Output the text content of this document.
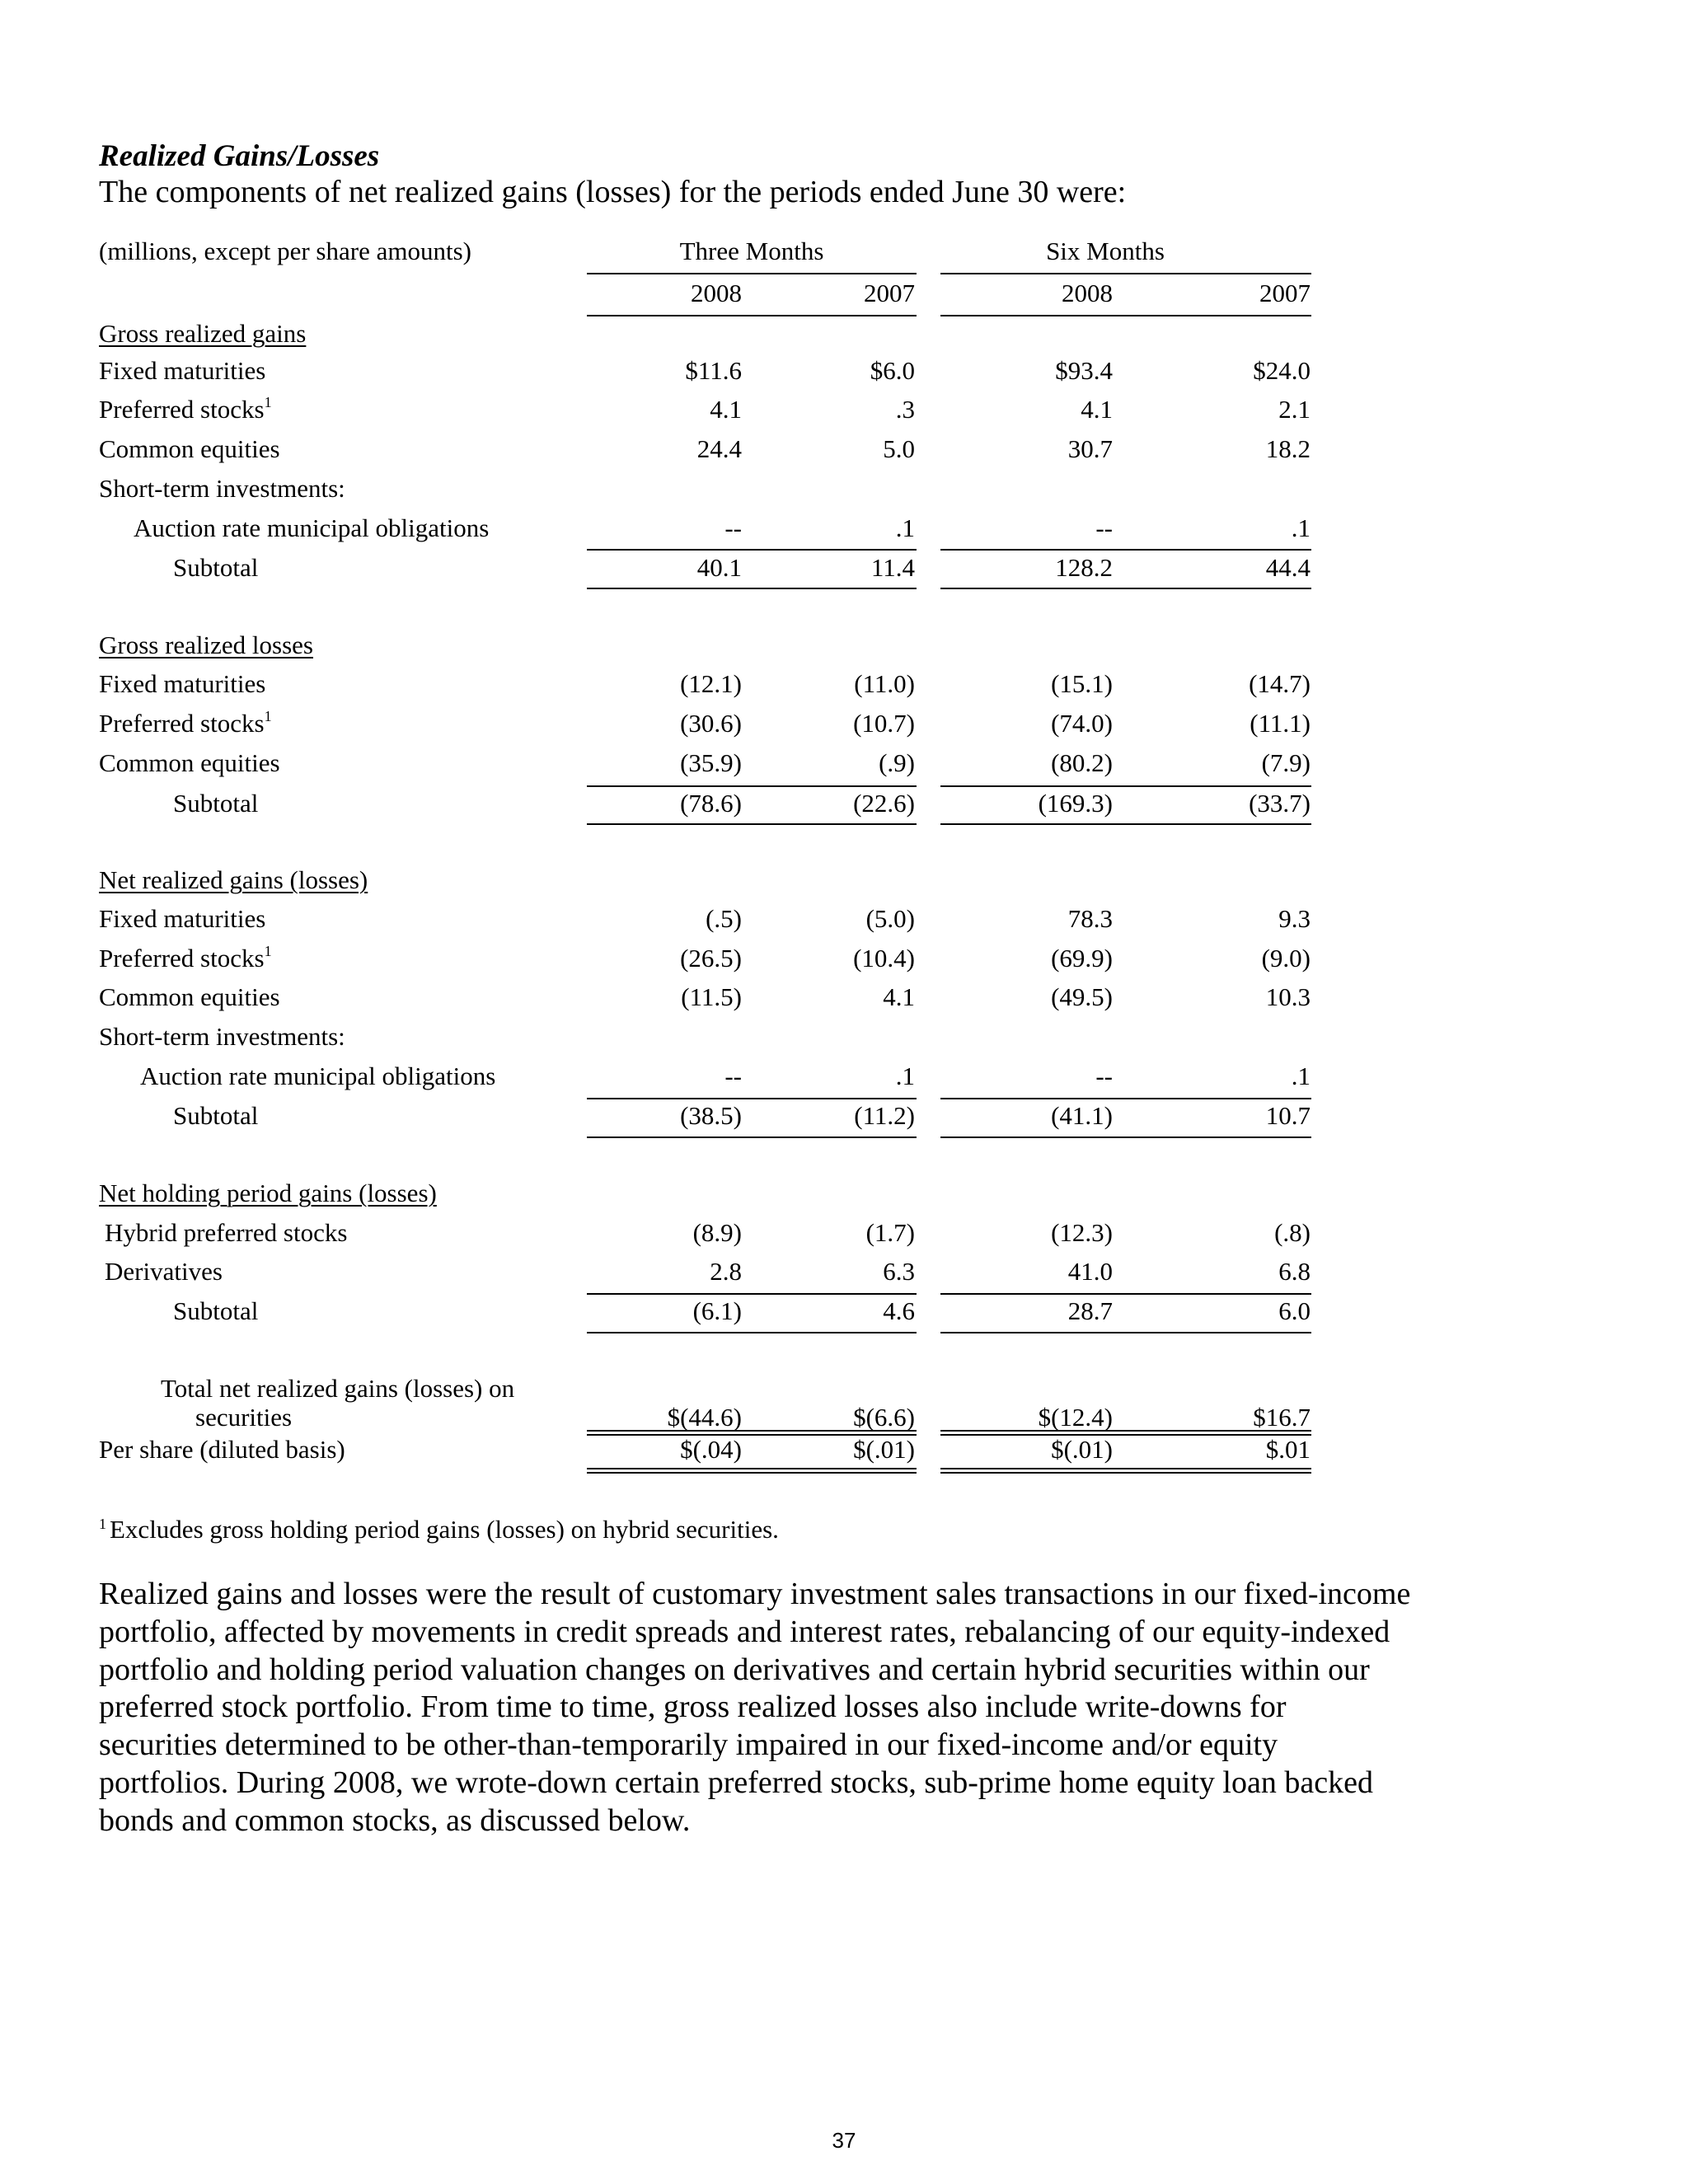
Realized Gains/Losses
The components of net realized gains (losses) for the periods ended June 30 were:
(millions, except per share amounts)	Three Months	Six Months
2008	2007	2008	2007
Gross realized gains
Fixed maturities	$11.6	$6.0	$93.4	$24.0
Preferred stocks$^1$	4.1	.3	4.1	2.1
Common equities	24.4	5.0	30.7	18.2
Short-term investments:
Auction rate municipal obligations	--	.1	--	.1
Subtotal	40.1	11.4	128.2	44.4
Gross realized losses
Fixed maturities	(12.1)	(11.0)	(15.1)	(14.7)
Preferred stocks$^1$	(30.6)	(10.7)	(74.0)	(11.1)
Common equities	(35.9)	(.9)	(80.2)	(7.9)
Subtotal	(78.6)	(22.6)	(169.3)	(33.7)
Net realized gains (losses)
Fixed maturities	(.5)	(5.0)	78.3	9.3
Preferred stocks$^1$	(26.5)	(10.4)	(69.9)	(9.0)
Common equities	(11.5)	4.1	(49.5)	10.3
Short-term investments:
Auction rate municipal obligations	--	.1	--	.1
Subtotal	(38.5)	(11.2)	(41.1)	10.7
Net holding period gains (losses)
Hybrid preferred stocks	(8.9)	(1.7)	(12.3)	(.8)
Derivatives	2.8	6.3	41.0	6.8
Subtotal	(6.1)	4.6	28.7	6.0
Total net realized gains (losses) on
securities	$(44.6)	$(6.6)	$(12.4)	$16.7
Per share (diluted basis)	$(.04)	$(.01)	$(.01)	$.01
$^1$ Excludes gross holding period gains (losses) on hybrid securities.

Realized gains and losses were the result of customary investment sales transactions in our fixed-income

portfolio, affected by movements in credit spreads and interest rates, rebalancing of our equity-indexed

portfolio and holding period valuation changes on derivatives and certain hybrid securities within our

preferred stock portfolio. From time to time, gross realized losses also include write-downs for

securities determined to be other-than-temporarily impaired in our fixed-income and/or equity

portfolios. During 2008, we wrote-down certain preferred stocks, sub-prime home equity loan backed

bonds and common stocks, as discussed below.

37
